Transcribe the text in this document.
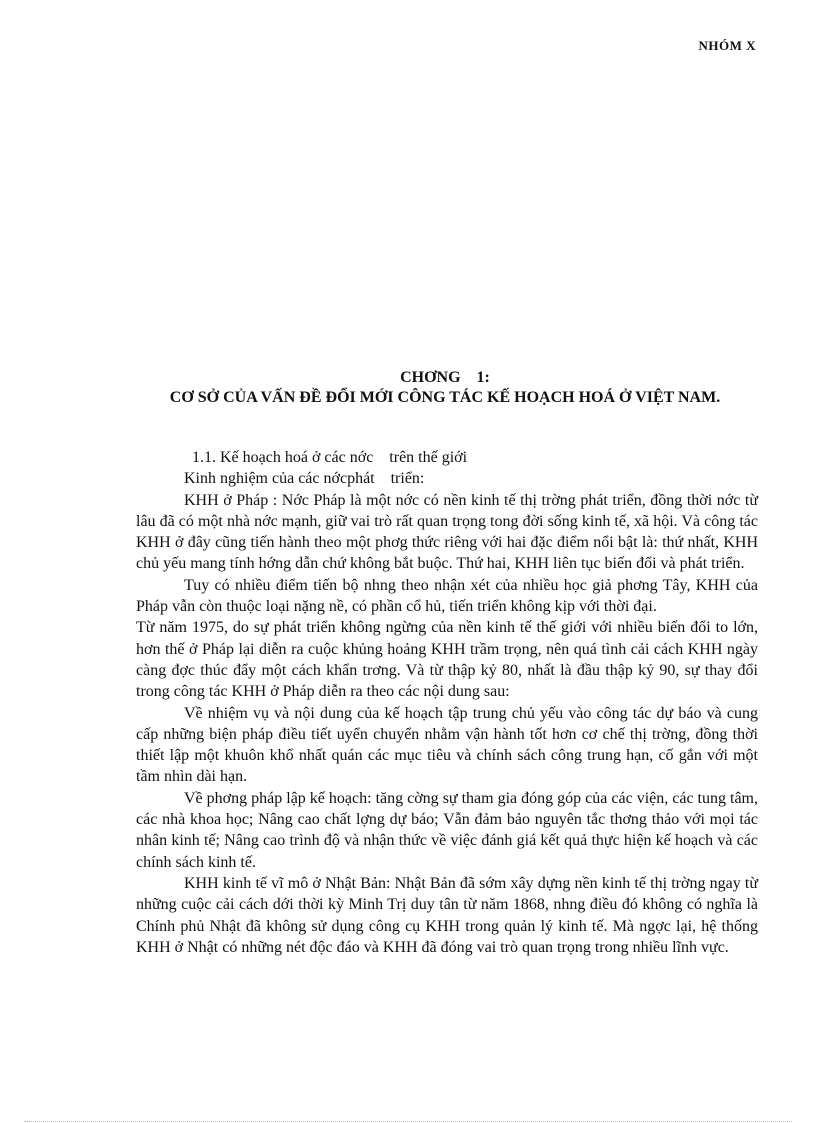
NHÓM X
CHƠNG    1:
CƠ SỞ CỦA VẤN ĐỀ ĐỔI MỚI CÔNG TÁC KẾ HOẠCH HOÁ Ở VIỆT NAM.

1.1. Kế hoạch hoá ở các nớc    trên thế giới

Kinh nghiệm của các nớcphát    triển:

KHH ở Pháp : Nớc Pháp là một nớc có nền kinh tế thị trờng phát triển, đồng thời nớc từ lâu đã có một nhà nớc mạnh, giữ vai trò rất quan trọng tong đời sống kinh tế, xã hội. Và công tác KHH ở đây cũng tiến hành theo một phơg thức riêng với hai đặc điểm nổi bật là: thứ nhất, KHH chủ yếu mang tính hớng dẫn chứ không bắt buộc. Thứ hai, KHH liên tục biến đổi và phát triển.

Tuy có nhiều điểm tiến bộ nhng theo nhận xét của nhiều học giả phơng Tây, KHH của Pháp vẫn còn thuộc loại nặng nề, có phần cổ hủ, tiến triển không kịp với thời đại.

Từ năm 1975, do sự phát triển không ngừng của nền kinh tế thế giới với nhiều biến đổi to lớn, hơn thế ở Pháp lại diễn ra cuộc khủng hoảng KHH trầm trọng, nên quá tình cải cách KHH ngày càng đợc thúc đẩy một cách khẩn trơng. Và từ thập kỷ 80, nhất là đầu thập kỷ 90, sự thay đổi trong công tác KHH ở Pháp diễn ra theo các nội dung sau:

Về nhiệm vụ và nội dung của kế hoạch tập trung chủ yếu vào công tác dự báo và cung cấp những biện pháp điều tiết uyển chuyển nhằm vận hành tốt hơn cơ chế thị trờng, đồng thời thiết lập một khuôn khổ nhất quán các mục tiêu và chính sách công trung hạn, cố gắn với một tầm nhìn dài hạn.

Về phơng pháp lập kế hoạch: tăng cờng sự tham gia đóng góp của các viện, các tung tâm, các nhà khoa học; Nâng cao chất lợng dự báo; Vẫn đảm bảo nguyên tắc thơng thảo với mọi tác nhân kinh tế; Nâng cao trình độ và nhận thức về việc đánh giá kết quả thực hiện kế hoạch và các chính sách kinh tế.

KHH kinh tế vĩ mô ở Nhật Bản: Nhật Bản đã sớm xây dựng nền kinh tế thị trờng ngay từ những cuộc cải cách dới thời kỳ Minh Trị duy tân từ năm 1868, nhng điều đó không có nghĩa là Chính phủ Nhật đã không sử dụng công cụ KHH trong quản lý kinh tế. Mà ngợc lại, hệ thống KHH ở Nhật có những nét độc đáo và KHH đã đóng vai trò quan trọng trong nhiều lĩnh vực.
